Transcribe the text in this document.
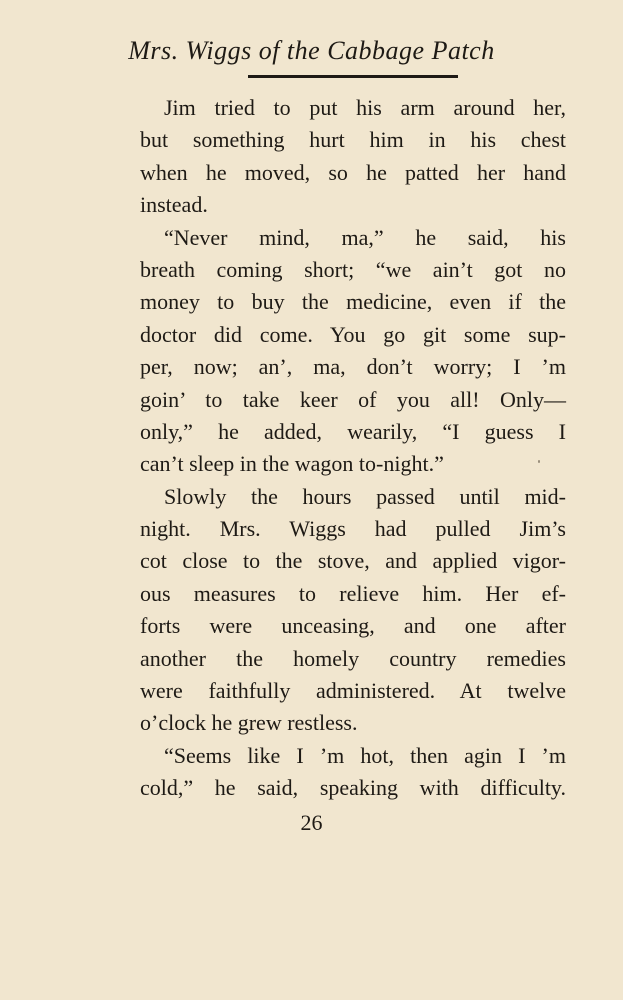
Mrs. Wiggs of the Cabbage Patch
Jim tried to put his arm around her,
but something hurt him in his chest
when he moved, so he patted her hand
instead.
“Never mind, ma,” he said, his
breath coming short; “we ain’t got no
money to buy the medicine, even if the
doctor did come. You go git some sup-
per, now; an’, ma, don’t worry; I ’m
goin’ to take keer of you all! Only—
only,” he added, wearily, “I guess I
can’t sleep in the wagon to-night.”
Slowly the hours passed until mid-
night. Mrs. Wiggs had pulled Jim’s
cot close to the stove, and applied vigor-
ous measures to relieve him. Her ef-
forts were unceasing, and one after
another the homely country remedies
were faithfully administered. At twelve
o’clock he grew restless.
“Seems like I ’m hot, then agin I ’m
cold,” he said, speaking with difficulty.
26
